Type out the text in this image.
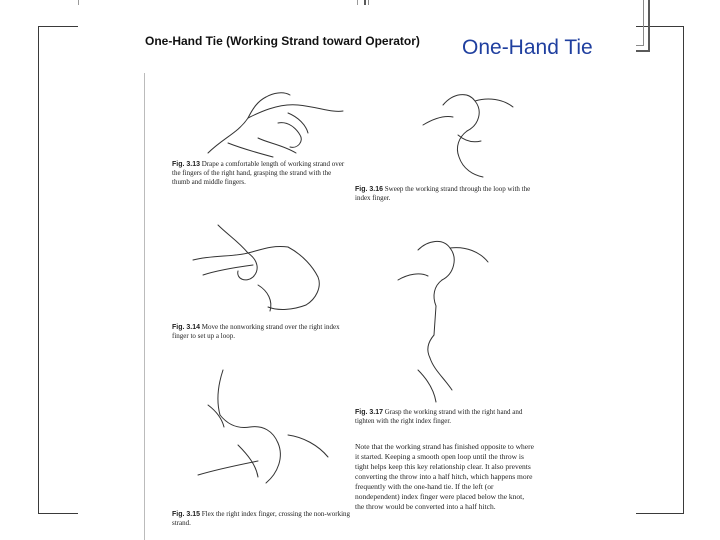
One-Hand Tie (Working Strand toward Operator)
Fig. 3.13 Drape a comfortable length of working strand over the fingers of the right hand, grasping the strand with the thumb and middle fingers.
Fig. 3.14 Move the nonworking strand over the right index finger to set up a loop.
Fig. 3.15 Flex the right index finger, crossing the non-working strand.
Fig. 3.16 Sweep the working strand through the loop with the index finger.
Fig. 3.17 Grasp the working strand with the right hand and tighten with the right index finger.
Note that the working strand has finished opposite to where it started. Keeping a smooth open loop until the throw is tight helps keep this key relationship clear. It also prevents converting the throw into a half hitch, which happens more frequently with the one-hand tie. If the left (or nondependent) index finger were placed below the knot, the throw would be converted into a half hitch.
One-Hand Tie
